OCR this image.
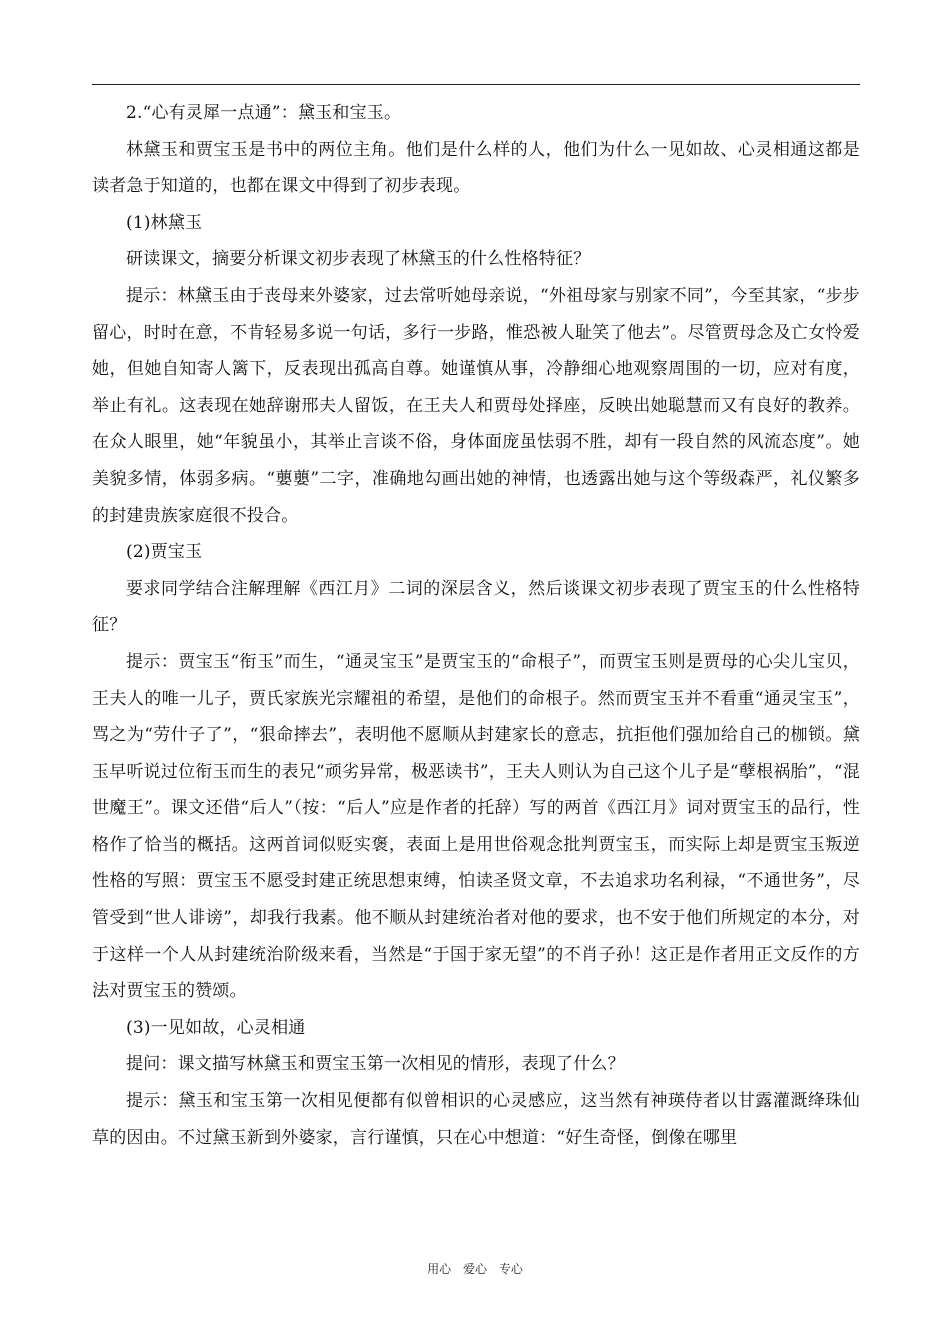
2.“心有灵犀一点通”：黛玉和宝玉。

林黛玉和贾宝玉是书中的两位主角。他们是什么样的人，他们为什么一见如故、心灵相通这都是读者急于知道的，也都在课文中得到了初步表现。

(1)林黛玉

研读课文，摘要分析课文初步表现了林黛玉的什么性格特征？

提示：林黛玉由于丧母来外婆家，过去常听她母亲说，“外祖母家与别家不同”，今至其家，“步步留心，时时在意，不肯轻易多说一句话，多行一步路，惟恐被人耻笑了他去”。尽管贾母念及亡女怜爱她，但她自知寄人篱下，反表现出孤高自尊。她谨慎从事，冷静细心地观察周围的一切，应对有度，举止有礼。这表现在她辞谢邢夫人留饭，在王夫人和贾母处择座，反映出她聪慧而又有良好的教养。在众人眼里，她“年貌虽小，其举止言谈不俗，身体面庞虽怯弱不胜，却有一段自然的风流态度”。她美貌多情，体弱多病。“蘡蘡”二字，准确地勾画出她的神情，也透露出她与这个等级森严，礼仪繁多的封建贵族家庭很不投合。

(2)贾宝玉

要求同学结合注解理解《西江月》二词的深层含义，然后谈课文初步表现了贾宝玉的什么性格特征？

提示：贾宝玉“衔玉”而生，“通灵宝玉”是贾宝玉的“命根子”，而贾宝玉则是贾母的心尖儿宝贝，王夫人的唯一儿子，贾氏家族光宗耀祖的希望，是他们的命根子。然而贾宝玉并不看重“通灵宝玉”，骂之为“劳什子了”，“狠命摔去”，表明他不愿顺从封建家长的意志，抗拒他们强加给自己的枷锁。黛玉早听说过位衔玉而生的表兄“顽劣异常，极恶读书”，王夫人则认为自己这个儿子是“孽根祸胎”，“混世魔王”。课文还借“后人”（按：“后人”应是作者的托辞）写的两首《西江月》词对贾宝玉的品行，性格作了恰当的概括。这两首词似贬实褒，表面上是用世俗观念批判贾宝玉，而实际上却是贾宝玉叛逆性格的写照：贾宝玉不愿受封建正统思想束缚，怕读圣贤文章，不去追求功名利禄，“不通世务”，尽管受到“世人诽谤”，却我行我素。他不顺从封建统治者对他的要求，也不安于他们所规定的本分，对于这样一个人从封建统治阶级来看，当然是“于国于家无望”的不肖子孙！这正是作者用正文反作的方法对贾宝玉的赞颂。

(3)一见如故，心灵相通

提问：课文描写林黛玉和贾宝玉第一次相见的情形，表现了什么？

提示：黛玉和宝玉第一次相见便都有似曾相识的心灵感应，这当然有神瑛侍者以甘露灌溉绛珠仙草的因由。不过黛玉新到外婆家，言行谨慎，只在心中想道：“好生奇怪，倒像在哪里

用心 爱心 专心
